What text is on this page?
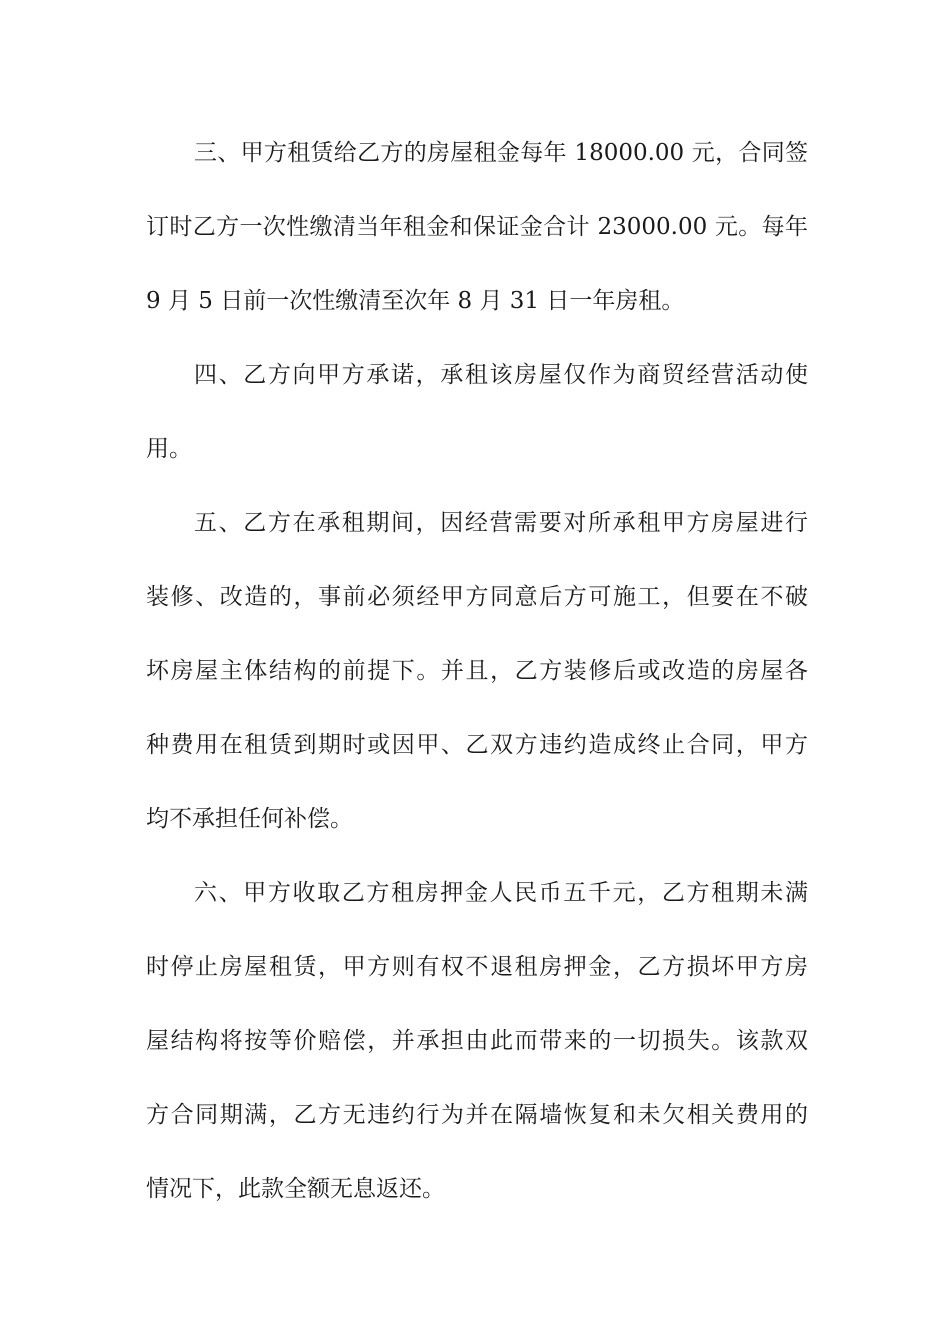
三、甲方租赁给乙方的房屋租金每年 18000.00 元，合同签
订时乙方一次性缴清当年租金和保证金合计 23000.00 元。每年
9 月 5 日前一次性缴清至次年 8 月 31 日一年房租。
四、乙方向甲方承诺，承租该房屋仅作为商贸经营活动使
用。
五、乙方在承租期间，因经营需要对所承租甲方房屋进行
装修、改造的，事前必须经甲方同意后方可施工，但要在不破
坏房屋主体结构的前提下。并且，乙方装修后或改造的房屋各
种费用在租赁到期时或因甲、乙双方违约造成终止合同，甲方
均不承担任何补偿。
六、甲方收取乙方租房押金人民币五千元，乙方租期未满
时停止房屋租赁，甲方则有权不退租房押金，乙方损坏甲方房
屋结构将按等价赔偿，并承担由此而带来的一切损失。该款双
方合同期满，乙方无违约行为并在隔墙恢复和未欠相关费用的
情况下，此款全额无息返还。
